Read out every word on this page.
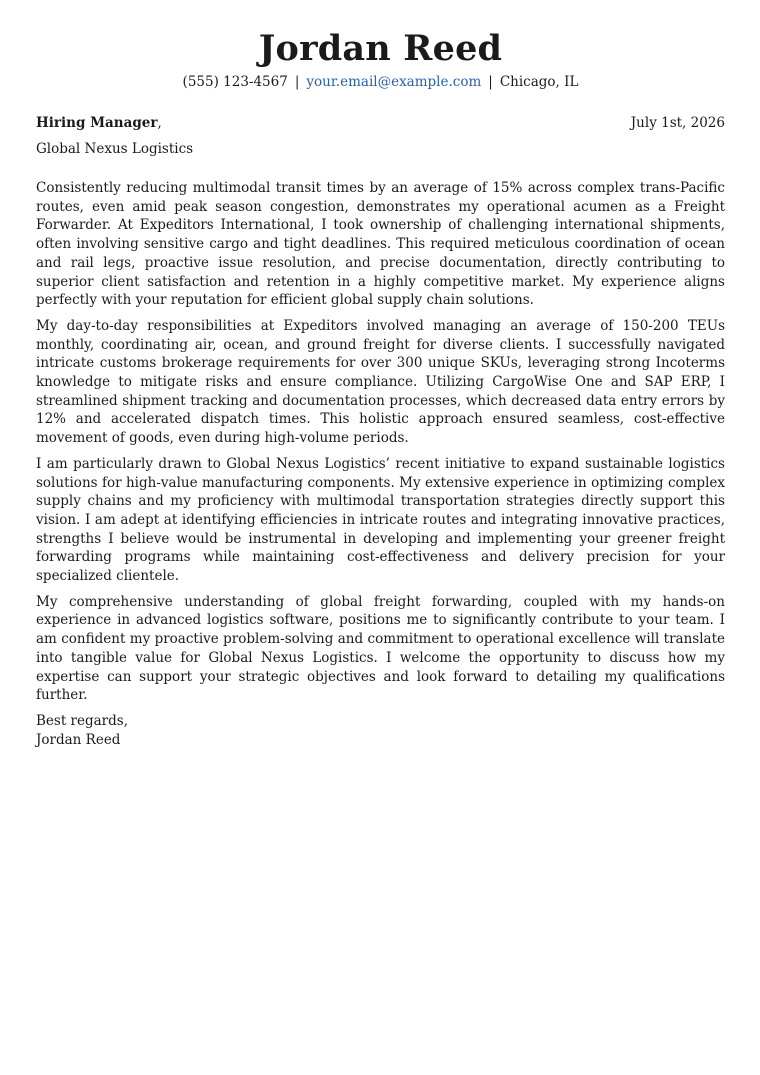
Jordan Reed
(555) 123-4567 | your.email@example.com | Chicago, IL
Hiring Manager,	July 1st, 2026
Global Nexus Logistics

Consistently reducing multimodal transit times by an average of 15% across complex trans-Pacific routes, even amid peak season congestion, demonstrates my operational acumen as a Freight Forwarder. At Expeditors International, I took ownership of challenging international shipments, often involving sensitive cargo and tight deadlines. This required meticulous coordination of ocean and rail legs, proactive issue resolution, and precise documentation, directly contributing to superior client satisfaction and retention in a highly competitive market. My experience aligns perfectly with your reputation for efficient global supply chain solutions.

My day-to-day responsibilities at Expeditors involved managing an average of 150-200 TEUs monthly, coordinating air, ocean, and ground freight for diverse clients. I successfully navigated intricate customs brokerage requirements for over 300 unique SKUs, leveraging strong Incoterms knowledge to mitigate risks and ensure compliance. Utilizing CargoWise One and SAP ERP, I streamlined shipment tracking and documentation processes, which decreased data entry errors by 12% and accelerated dispatch times. This holistic approach ensured seamless, cost-effective movement of goods, even during high-volume periods.

I am particularly drawn to Global Nexus Logistics’ recent initiative to expand sustainable logistics solutions for high-value manufacturing components. My extensive experience in optimizing complex supply chains and my proficiency with multimodal transportation strategies directly support this vision. I am adept at identifying efficiencies in intricate routes and integrating innovative practices, strengths I believe would be instrumental in developing and implementing your greener freight forwarding programs while maintaining cost-effectiveness and delivery precision for your specialized clientele.

My comprehensive understanding of global freight forwarding, coupled with my hands-on experience in advanced logistics software, positions me to significantly contribute to your team. I am confident my proactive problem-solving and commitment to operational excellence will translate into tangible value for Global Nexus Logistics. I welcome the opportunity to discuss how my expertise can support your strategic objectives and look forward to detailing my qualifications further.

Best regards,
Jordan Reed
